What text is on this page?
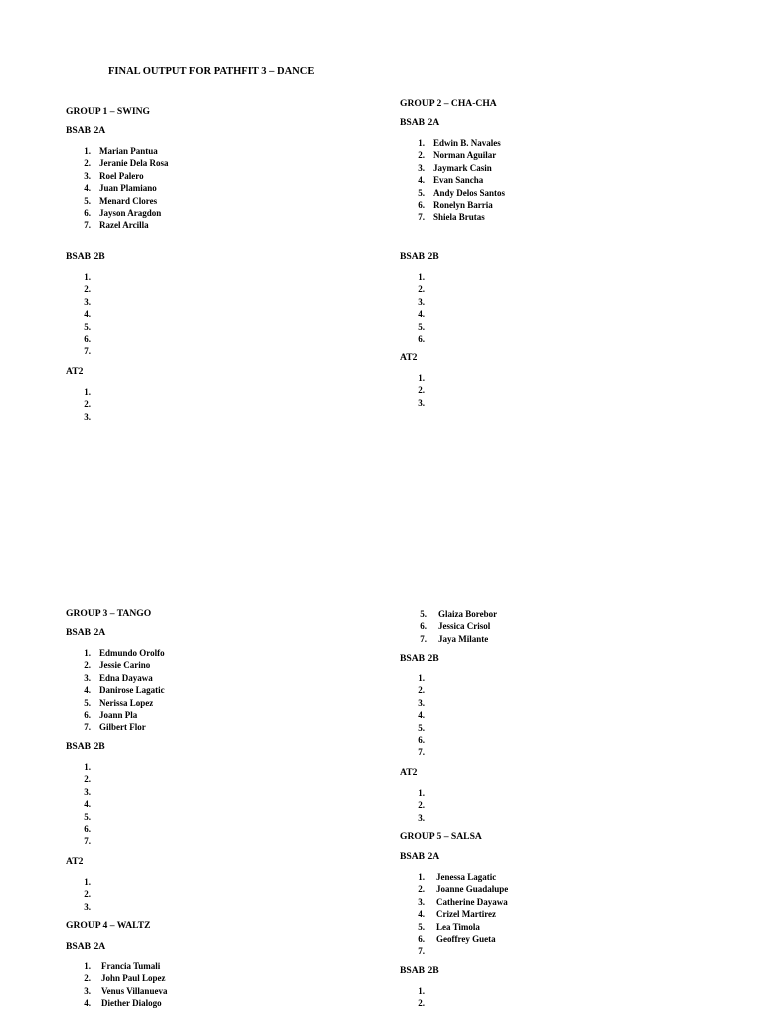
FINAL OUTPUT FOR PATHFIT 3 – DANCE
GROUP 1 – SWING
BSAB 2A
1. Marian Pantua
2. Jeranie Dela Rosa
3. Roel Palero
4. Juan Plamiano
5. Menard Clores
6. Jayson Aragdon
7. Razel Arcilla
BSAB 2B
1.
2.
3.
4.
5.
6.
7.
AT2
1.
2.
3.
GROUP 2 – CHA-CHA
BSAB 2A
1. Edwin B. Navales
2. Norman Aguilar
3. Jaymark Casin
4. Evan Sancha
5. Andy Delos Santos
6. Ronelyn Barria
7. Shiela Brutas
BSAB 2B
1.
2.
3.
4.
5.
6.
AT2
1.
2.
3.
GROUP 3 – TANGO
BSAB 2A
1. Edmundo Orolfo
2. Jessie Carino
3. Edna Dayawa
4. Danirose Lagatic
5. Nerissa Lopez
6. Joann Pla
7. Gilbert Flor
BSAB 2B
1.
2.
3.
4.
5.
6.
7.
AT2
1.
2.
3.
GROUP 4 – WALTZ
BSAB 2A
1. Francia Tumali
2. John Paul Lopez
3. Venus Villanueva
4. Diether Dialogo
5. Glaiza Borebor
6. Jessica Crisol
7. Jaya Milante
BSAB 2B
1.
2.
3.
4.
5.
6.
7.
AT2
1.
2.
3.
GROUP 5 – SALSA
BSAB 2A
1. Jenessa Lagatic
2. Joanne Guadalupe
3. Catherine Dayawa
4. Crizel Martirez
5. Lea Timola
6. Geoffrey Gueta
7.
BSAB 2B
1.
2.
